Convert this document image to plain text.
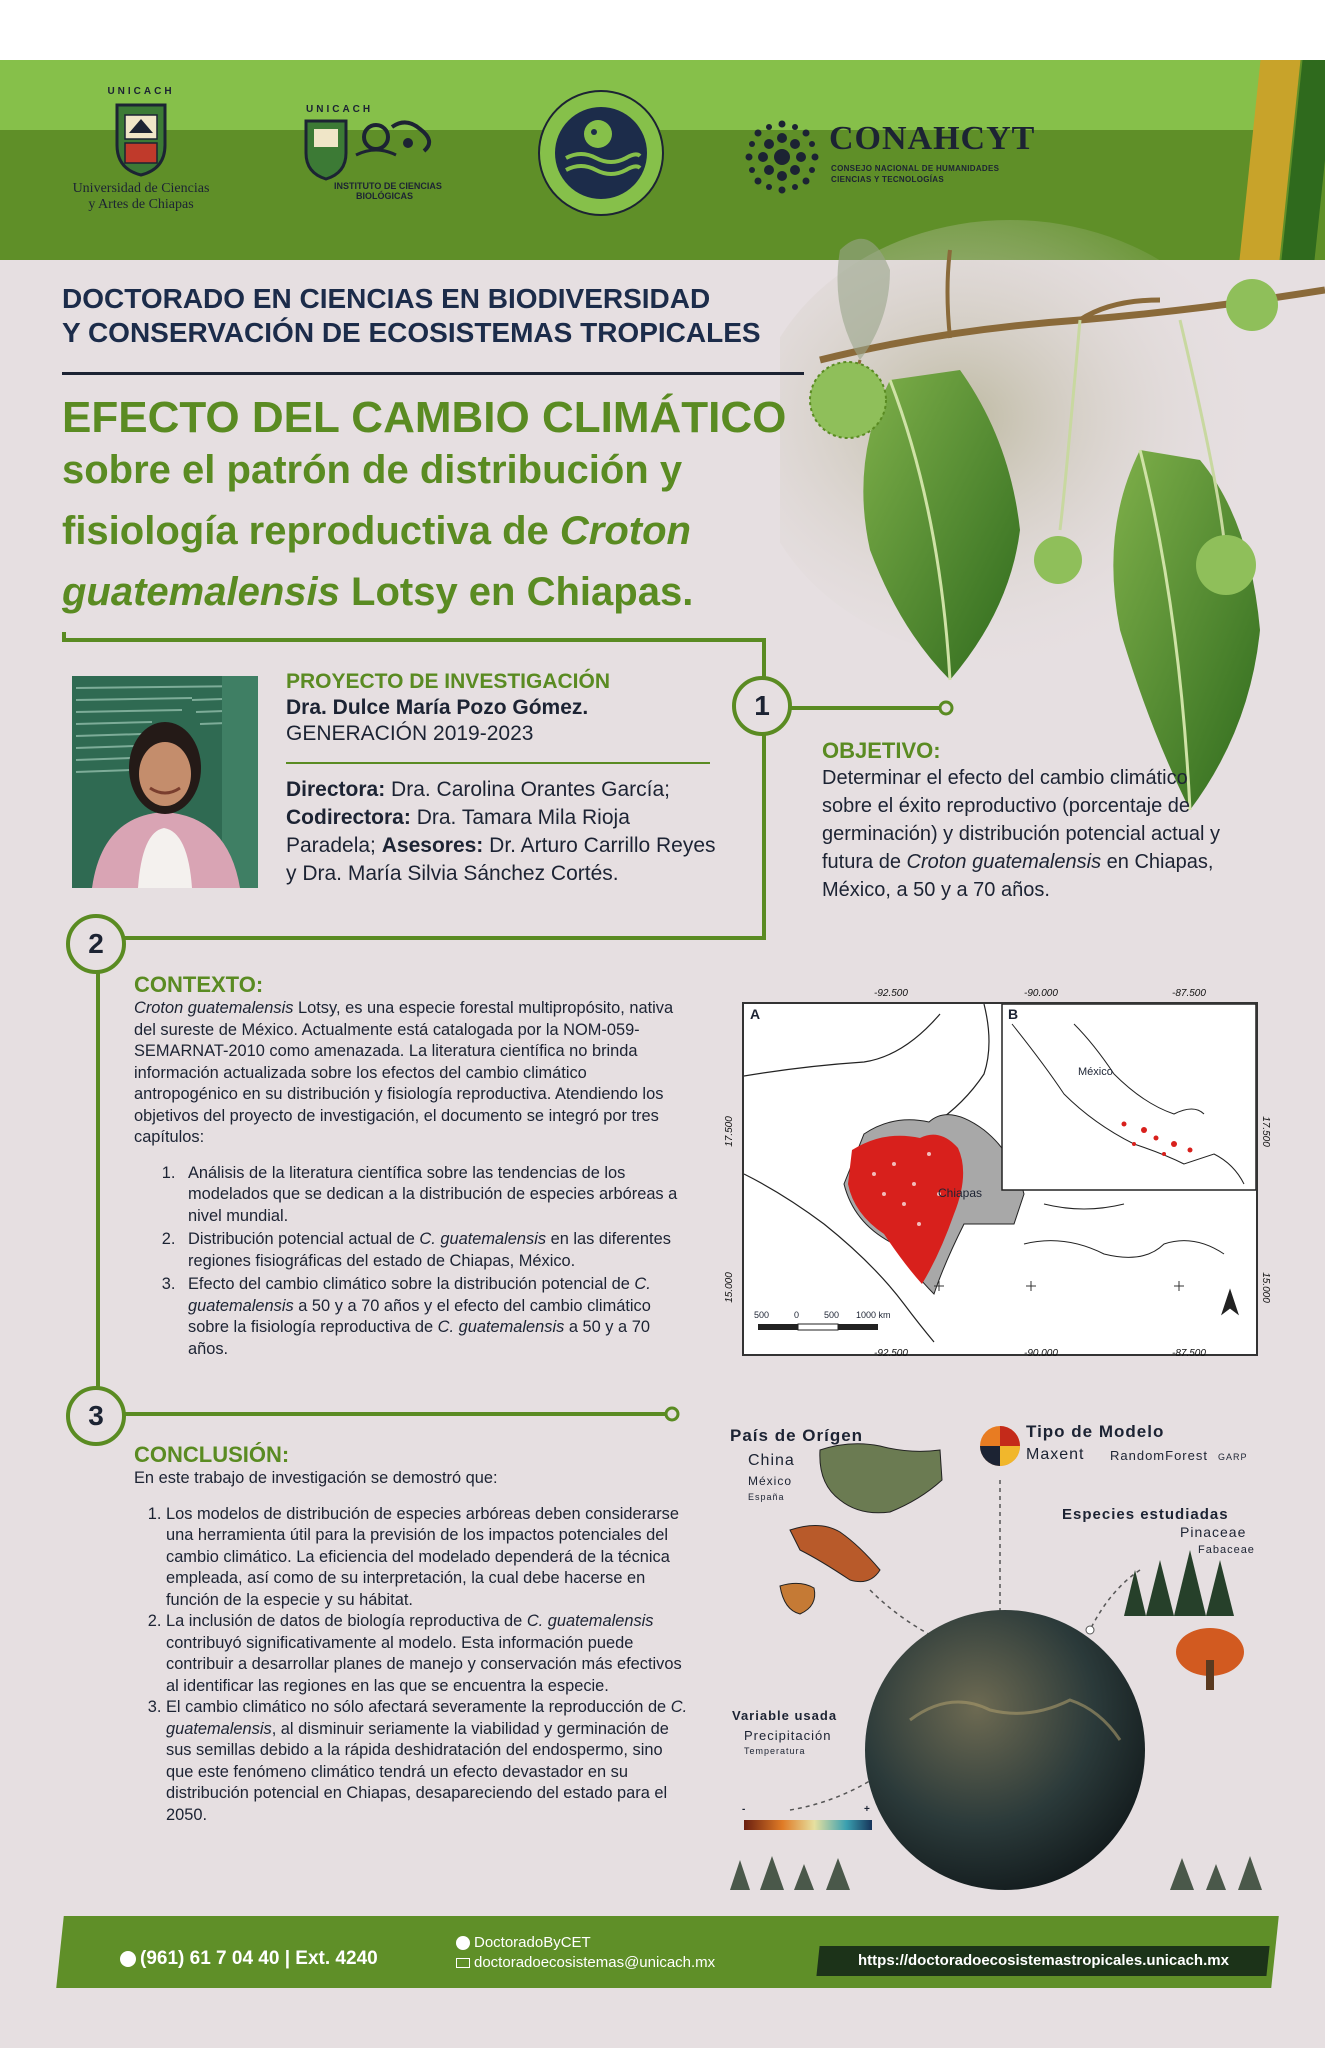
UNICACH
Universidad de Ciencias
y Artes de Chiapas
UNICACH
INSTITUTO DE CIENCIAS
BIOLÓGICAS
CONAHCYT
CONSEJO NACIONAL DE HUMANIDADES
CIENCIAS Y TECNOLOGÍAS
DOCTORADO EN CIENCIAS EN BIODIVERSIDAD
Y CONSERVACIÓN DE ECOSISTEMAS TROPICALES
EFECTO DEL CAMBIO CLIMÁTICO
sobre el patrón de distribución y
fisiología reproductiva de Croton
guatemalensis Lotsy en Chiapas.
1
2
3
PROYECTO DE INVESTIGACIÓN
Dra. Dulce María Pozo Gómez.
GENERACIÓN 2019-2023
Directora: Dra. Carolina Orantes García; Codirectora: Dra. Tamara Mila Rioja Paradela; Asesores: Dr. Arturo Carrillo Reyes y Dra. María Silvia Sánchez Cortés.
OBJETIVO:

Determinar el efecto del cambio climático sobre el éxito reproductivo (porcentaje de germinación) y distribución potencial actual y futura de Croton guatemalensis en Chiapas, México, a 50 y a 70 años.

CONTEXTO:

Croton guatemalensis Lotsy, es una especie forestal multipropósito, nativa del sureste de México. Actualmente está catalogada por la NOM-059-SEMARNAT-2010 como amenazada. La literatura científica no brinda información actualizada sobre los efectos del cambio climático antropogénico en su distribución y fisiología reproductiva. Atendiendo los objetivos del proyecto de investigación, el documento se integró por tres capítulos:

1. Análisis de la literatura científica sobre las tendencias de los modelados que se dedican a la distribución de especies arbóreas a nivel mundial.
2. Distribución potencial actual de C. guatemalensis en las diferentes regiones fisiográficas del estado de Chiapas, México.
3. Efecto del cambio climático sobre la distribución potencial de C. guatemalensis a 50 y a 70 años y el efecto del cambio climático sobre la fisiología reproductiva de C. guatemalensis a 50 y a 70 años.
CONCLUSIÓN:

En este trabajo de investigación se demostró que:

1. Los modelos de distribución de especies arbóreas deben considerarse una herramienta útil para la previsión de los impactos potenciales del cambio climático. La eficiencia del modelado dependerá de la técnica empleada, así como de su interpretación, la cual debe hacerse en función de la especie y su hábitat.
2. La inclusión de datos de biología reproductiva de C. guatemalensis contribuyó significativamente al modelo. Esta información puede contribuir a desarrollar planes de manejo y conservación más efectivos al identificar las regiones en las que se encuentra la especie.
3. El cambio climático no sólo afectará severamente la reproducción de C. guatemalensis, al disminuir seriamente la viabilidad y germinación de sus semillas debido a la rápida deshidratación del endospermo, sino que este fenómeno climático tendrá un efecto devastador en su distribución potencial en Chiapas, desapareciendo del estado para el 2050.
-92.500	-90.000	-87.500
A	B
Chiapas
México
500	0	500 1000 km
-92.500	-90.000	-87.500
17.500
15.000
17.500
15.000
País de Orígen
China
México
España
Tipo de Modelo
Maxent RandomForest GARP
Especies estudiadas
Pinaceae
Fabaceae
Variable usada
Precipitación
Temperatura
-	+
(961) 61 7 04 40 | Ext. 4240
DoctoradoByCET
doctoradoecosistemas@unicach.mx	https://doctoradoecosistemastropicales.unicach.mx
